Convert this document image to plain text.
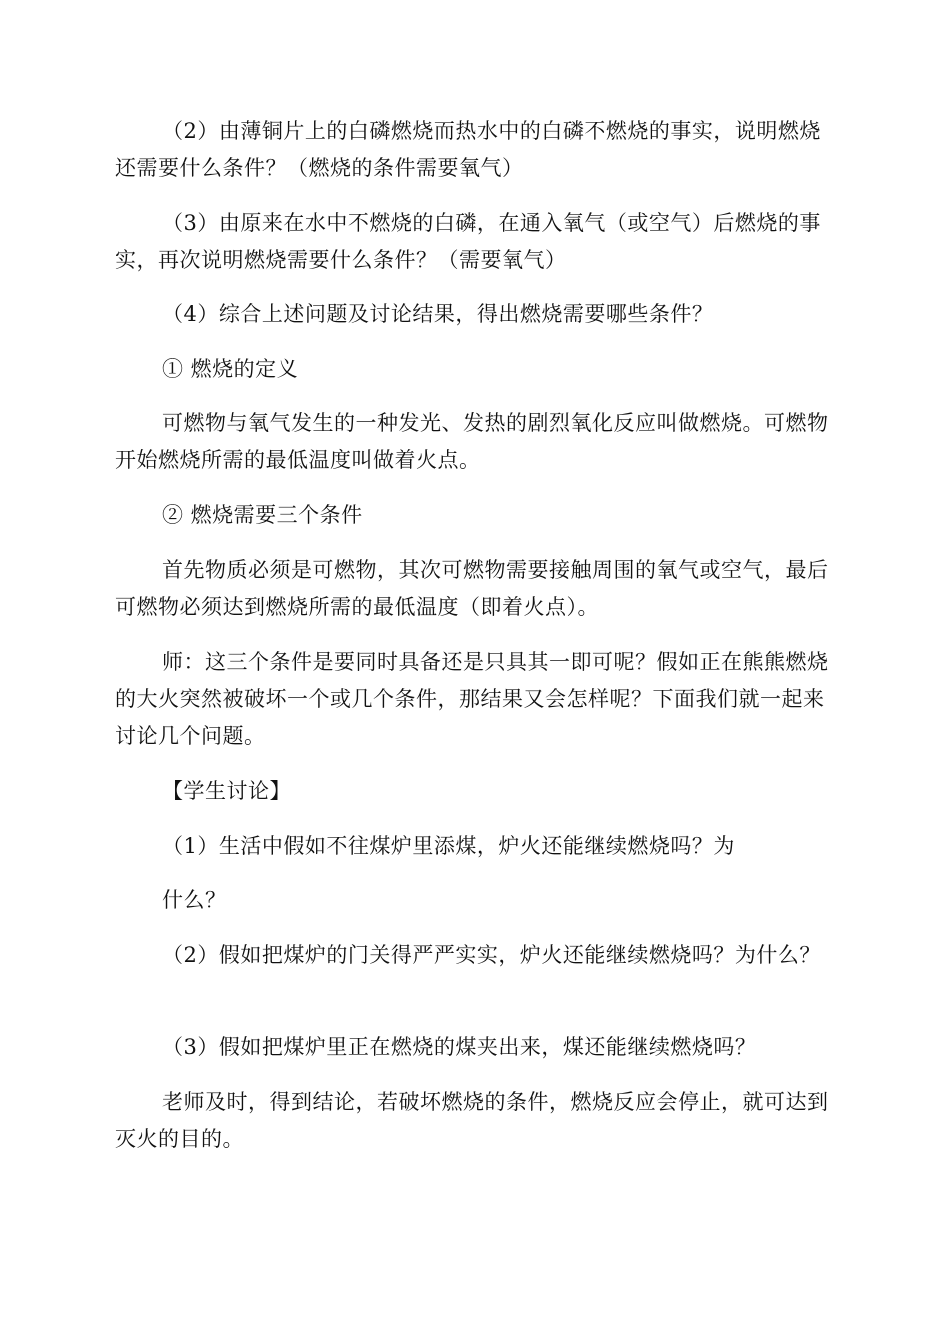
（2）由薄铜片上的白磷燃烧而热水中的白磷不燃烧的事实，说明燃烧还需要什么条件？（燃烧的条件需要氧气）

（3）由原来在水中不燃烧的白磷，在通入氧气（或空气）后燃烧的事实，再次说明燃烧需要什么条件？（需要氧气）

（4）综合上述问题及讨论结果，得出燃烧需要哪些条件？

① 燃烧的定义

可燃物与氧气发生的一种发光、发热的剧烈氧化反应叫做燃烧。可燃物开始燃烧所需的最低温度叫做着火点。

② 燃烧需要三个条件

首先物质必须是可燃物，其次可燃物需要接触周围的氧气或空气，最后可燃物必须达到燃烧所需的最低温度（即着火点）。

师：这三个条件是要同时具备还是只具其一即可呢？假如正在熊熊燃烧的大火突然被破坏一个或几个条件，那结果又会怎样呢？下面我们就一起来讨论几个问题。

【学生讨论】

（1）生活中假如不往煤炉里添煤，炉火还能继续燃烧吗？为

什么？

（2）假如把煤炉的门关得严严实实，炉火还能继续燃烧吗？为什么？

（3）假如把煤炉里正在燃烧的煤夹出来，煤还能继续燃烧吗？

老师及时，得到结论，若破坏燃烧的条件，燃烧反应会停止，就可达到灭火的目的。
